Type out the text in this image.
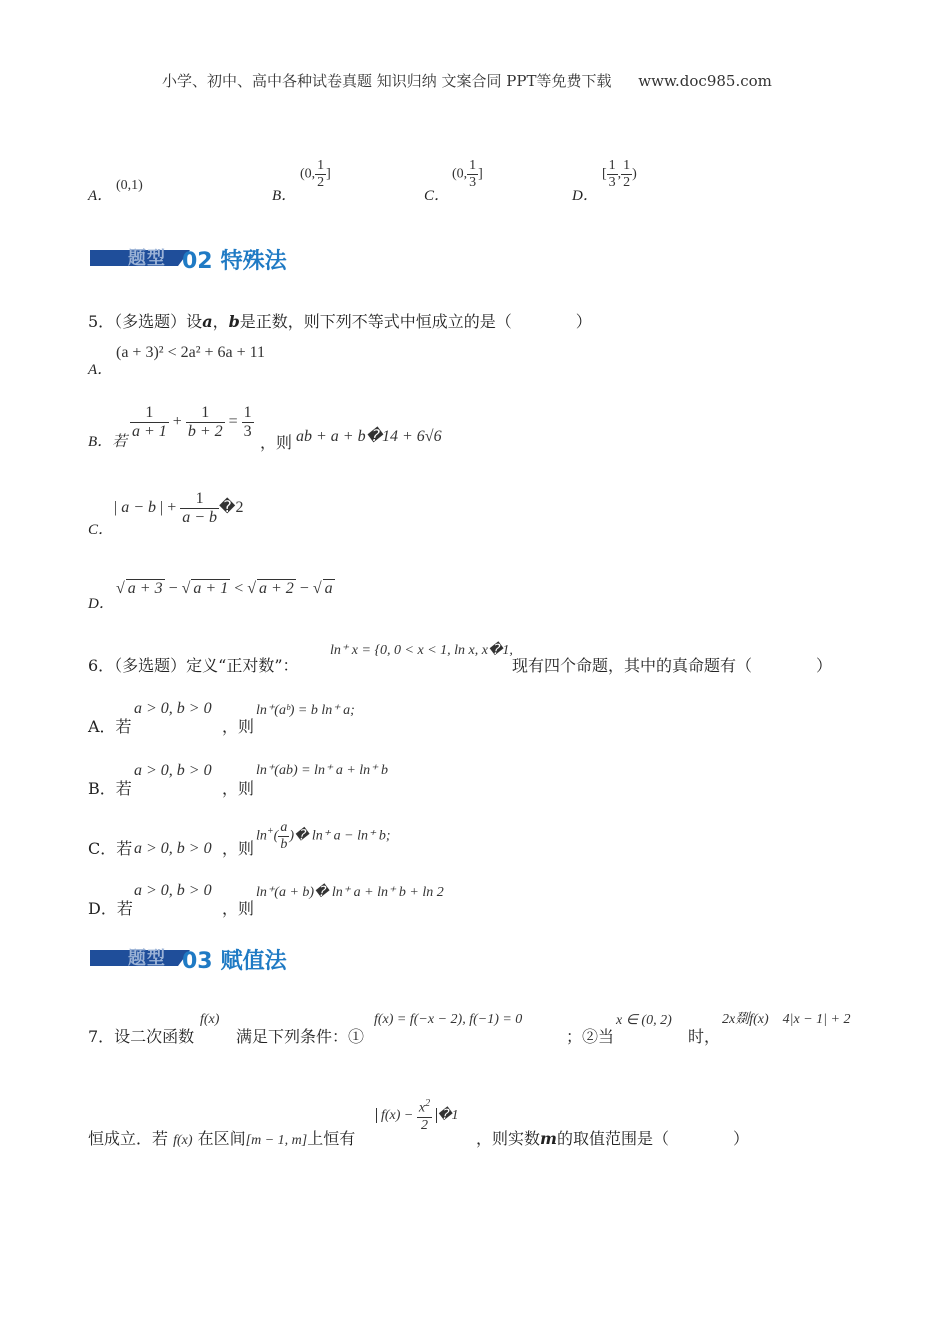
小学、初中、高中各种试卷真题 知识归纳 文案合同 PPT等免费下载 www.doc985.com
A．
(0,1)
B．
(0, $\frac{1}{2}$ ]
C．
(0, $\frac{1}{3}$ ]
D．
[ $\frac{1}{3}$ , $\frac{1}{2}$ )
题型 02 特殊法
5．（多选题）设a，b是正数，则下列不等式中恒成立的是（　　　　）
A．
(a + 3)² < 2a² + 6a + 11
B．若
$\frac{1}{a + 1} + \frac{1}{b + 2} = \frac{1}{3}$
，则 ab + a + b�14 + 6√6
C．
| a − b | + $\frac{1}{a - b}$ �2
D．
√ a + 3 − √ a + 1 < √ a + 2 − √ a
6．（多选题）定义“正对数”：
ln⁺ x = {0, 0 < x < 1, ln x, x�1,
现有四个命题，其中的真命题有（　　　　）
A．若
a > 0, b > 0
，则
ln⁺(aᵇ) = b ln⁺ a;
B．若
a > 0, b > 0
，则
ln⁺(ab) = ln⁺ a + ln⁺ b
C．若 a > 0, b > 0 ，则
$\ln^+( \frac{a}{b}$ )� ln⁺ a − ln⁺ b;
D．若
a > 0, b > 0
，则
ln⁺(a + b)� ln⁺ a + ln⁺ b + ln 2
题型 03 赋值法
7．设二次函数
f(x)
满足下列条件：①
f(x) = f(−x − 2), f(−1) = 0
；②当
x ∈ (0, 2)
时，
2x剟f(x)　4|x − 1| + 2
恒成立．若 f(x) 在区间[m − 1, m]上恒有
$f(x) - \frac{x^2}{2}$ �1
，则实数m的取值范围是（　　　　）
